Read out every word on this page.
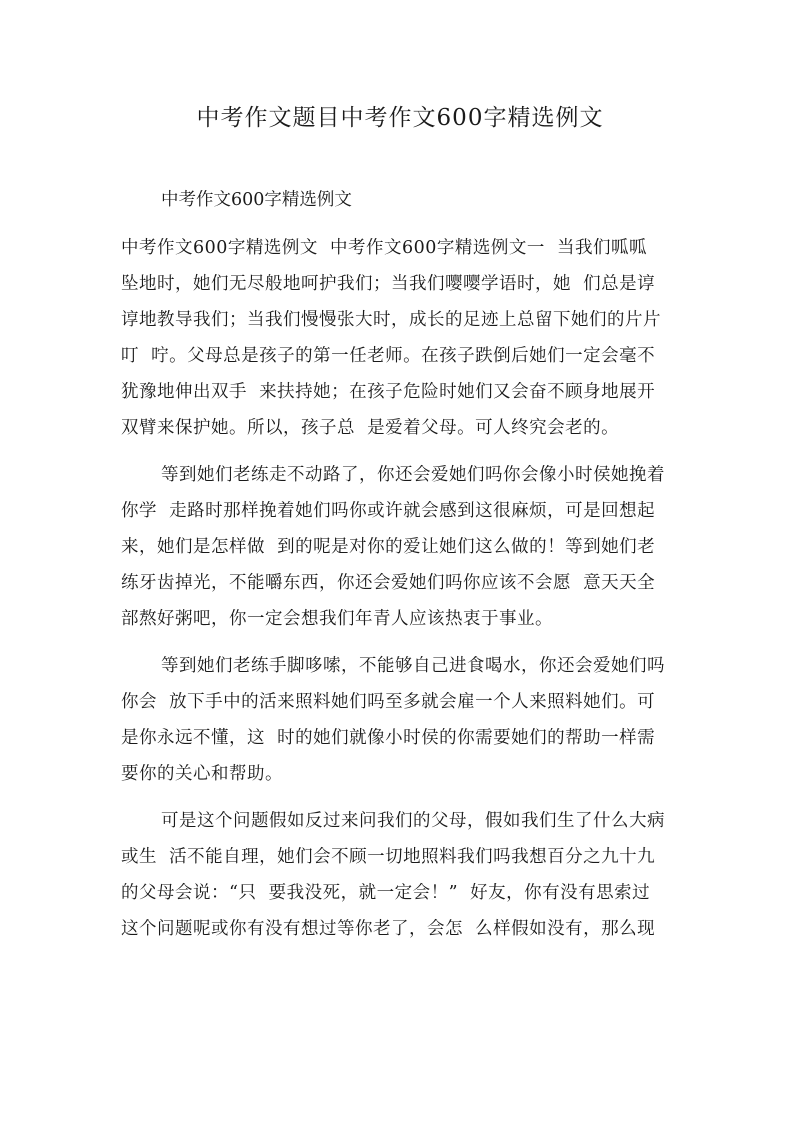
中考作文题目中考作文600字精选例文

中考作文600字精选例文

中考作文600字精选例文  中考作文600字精选例文一  当我们呱呱
坠地时，她们无尽般地呵护我们；当我们嘤嘤学语时，她  们总是谆
谆地教导我们；当我们慢慢张大时，成长的足迹上总留下她们的片片
叮  咛。父母总是孩子的第一任老师。在孩子跌倒后她们一定会毫不
犹豫地伸出双手  来扶持她；在孩子危险时她们又会奋不顾身地展开
双臂来保护她。所以，孩子总  是爱着父母。可人终究会老的。
等到她们老练走不动路了，你还会爱她们吗你会像小时侯她挽着
你学  走路时那样挽着她们吗你或许就会感到这很麻烦，可是回想起
来，她们是怎样做  到的呢是对你的爱让她们这么做的！等到她们老
练牙齿掉光，不能嚼东西，你还会爱她们吗你应该不会愿  意天天全
部熬好粥吧，你一定会想我们年青人应该热衷于事业。
等到她们老练手脚哆嗦，不能够自己进食喝水，你还会爱她们吗
你会  放下手中的活来照料她们吗至多就会雇一个人来照料她们。可
是你永远不懂，这  时的她们就像小时侯的你需要她们的帮助一样需
要你的关心和帮助。
可是这个问题假如反过来问我们的父母，假如我们生了什么大病
或生  活不能自理，她们会不顾一切地照料我们吗我想百分之九十九
的父母会说：“只  要我没死，就一定会！”  好友，你有没有思索过
这个问题呢或你有没有想过等你老了，会怎  么样假如没有，那么现
